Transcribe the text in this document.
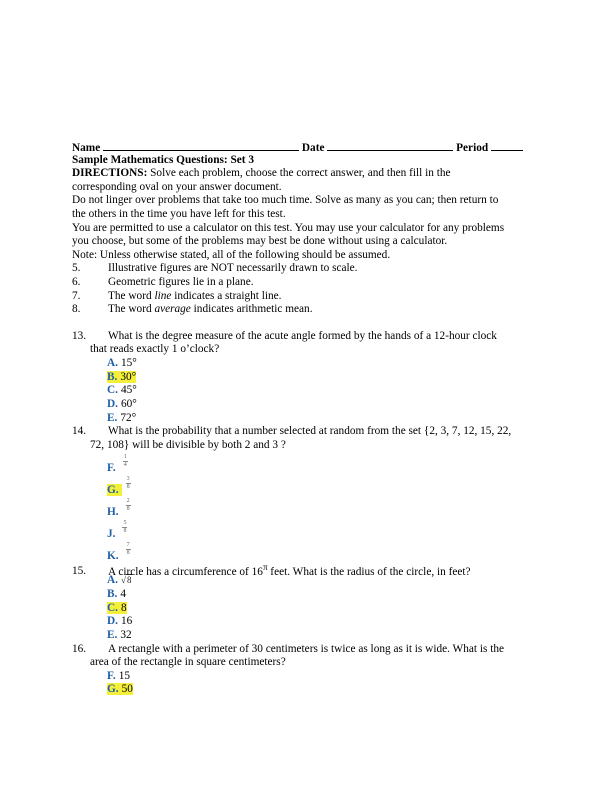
Name	Date	Period
Sample Mathematics Questions: Set 3
DIRECTIONS: Solve each problem, choose the correct answer, and then fill in the
corresponding oval on your answer document.
Do not linger over problems that take too much time. Solve as many as you can; then return to
the others in the time you have left for this test.
You are permitted to use a calculator on this test. You may use your calculator for any problems
you choose, but some of the problems may best be done without using a calculator.
Note: Unless otherwise stated, all of the following should be assumed.
5. Illustrative figures are NOT necessarily drawn to scale.
6. Geometric figures lie in a plane.
7. The word line indicates a straight line.
8. The word average indicates arithmetic mean.
13. What is the degree measure of the acute angle formed by the hands of a 12-hour clock
that reads exactly 1 o’clock?
A. 15°
B. 30°
C. 45°
D. 60°
E. 72°
14. What is the probability that a number selected at random from the set {2, 3, 7, 12, 15, 22,
72, 108} will be divisible by both 2 and 3 ?
F. $\frac{1}{4}$
G. $\frac{3}{8}$
H. $\frac{2}{8}$
J. $\frac{5}{8}$
K. $\frac{7}{8}$
15. A circle has a circumference of $16^\pi$ feet. What is the radius of the circle, in feet?
A. √8
B. 4
C. 8
D. 16
E. 32
16. A rectangle with a perimeter of 30 centimeters is twice as long as it is wide. What is the
area of the rectangle in square centimeters?
F. 15
G. 50
